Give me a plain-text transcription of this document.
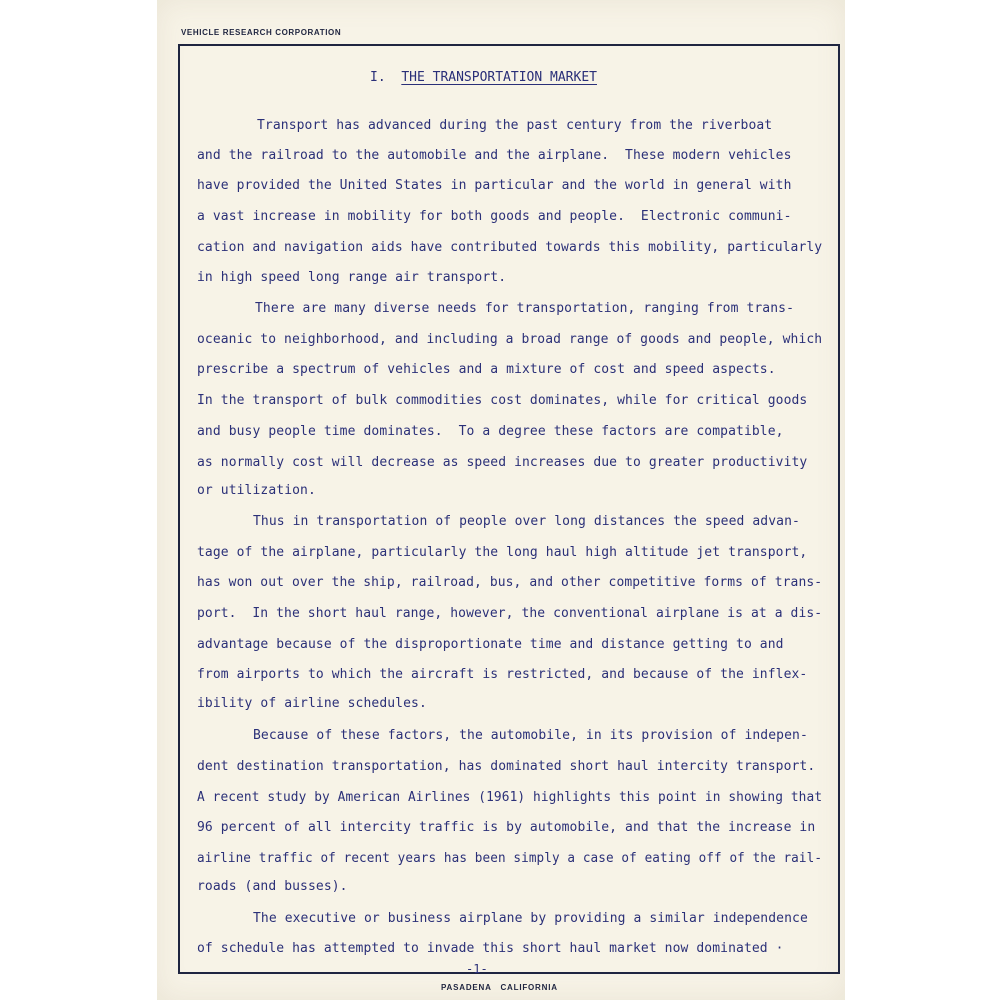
VEHICLE RESEARCH CORPORATION
I. THE TRANSPORTATION MARKET
Transport has advanced during the past century from the riverboat
and the railroad to the automobile and the airplane.  These modern vehicles
have provided the United States in particular and the world in general with
a vast increase in mobility for both goods and people.  Electronic communi-
cation and navigation aids have contributed towards this mobility, particularly
in high speed long range air transport.
There are many diverse needs for transportation, ranging from trans-
oceanic to neighborhood, and including a broad range of goods and people, which
prescribe a spectrum of vehicles and a mixture of cost and speed aspects.
In the transport of bulk commodities cost dominates, while for critical goods
and busy people time dominates.  To a degree these factors are compatible,
as normally cost will decrease as speed increases due to greater productivity
or utilization.
Thus in transportation of people over long distances the speed advan-
tage of the airplane, particularly the long haul high altitude jet transport,
has won out over the ship, railroad, bus, and other competitive forms of trans-
port.  In the short haul range, however, the conventional airplane is at a dis-
advantage because of the disproportionate time and distance getting to and
from airports to which the aircraft is restricted, and because of the inflex-
ibility of airline schedules.
Because of these factors, the automobile, in its provision of indepen-
dent destination transportation, has dominated short haul intercity transport.
A recent study by American Airlines (1961) highlights this point in showing that
96 percent of all intercity traffic is by automobile, and that the increase in
airline traffic of recent years has been simply a case of eating off of the rail-
roads (and busses).
The executive or business airplane by providing a similar independence
of schedule has attempted to invade this short haul market now dominated ·
-1-
PASADENA   CALIFORNIA
